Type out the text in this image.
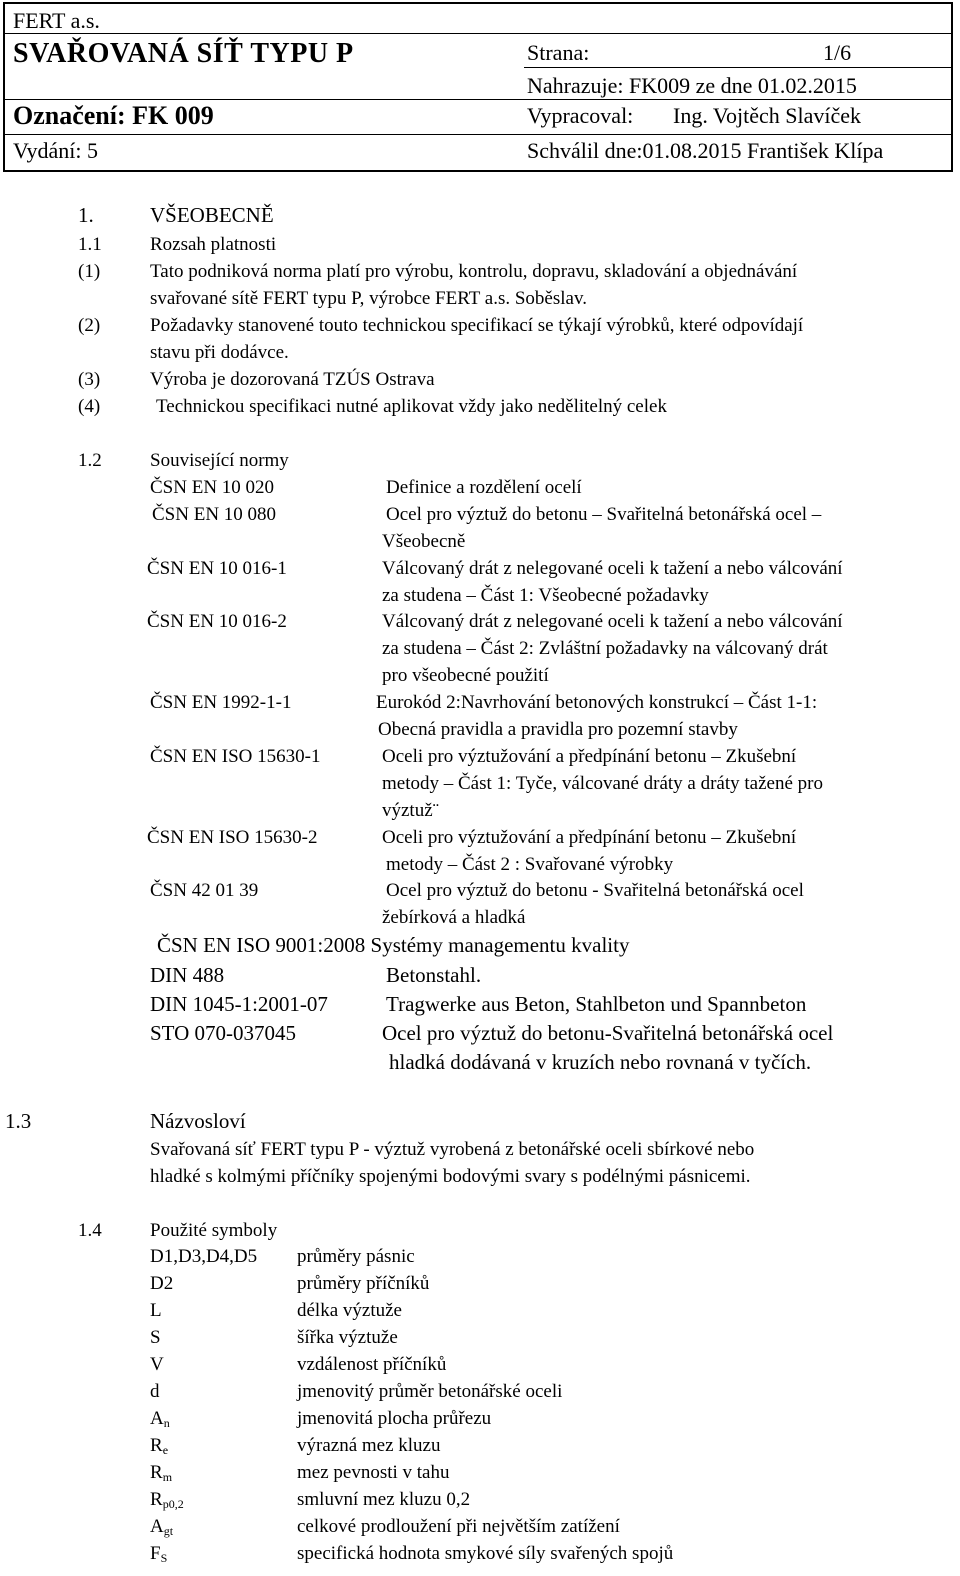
FERT a.s.
SVAŘOVANÁ SÍŤ TYPU P
Označení: FK 009
Vydání: 5
Strana:	1/6
Nahrazuje: FK009 ze dne 01.02.2015
Vypracoval: Ing. Vojtěch Slavíček
Schválil dne:01.08.2015 František Klípa
1.	VŠEOBECNĚ
1.1	Rozsah platnosti
(1)	Tato podniková norma platí pro výrobu, kontrolu, dopravu, skladování a objednávání
svařované sítě FERT typu P, výrobce FERT a.s. Soběslav.
(2)	Požadavky stanovené touto technickou specifikací se týkají výrobků, které odpovídají
stavu při dodávce.
(3)	Výroba je dozorovaná TZÚS Ostrava
(4)	Technickou specifikaci nutné aplikovat vždy jako nedělitelný celek
1.2	Související normy
ČSN EN 10 020	Definice a rozdělení ocelí
ČSN EN 10 080	Ocel pro výztuž do betonu – Svařitelná betonářská ocel –
Všeobecně
ČSN EN 10 016-1	Válcovaný drát z nelegované oceli k tažení a nebo válcování
za studena – Část 1: Všeobecné požadavky
ČSN EN 10 016-2	Válcovaný drát z nelegované oceli k tažení a nebo válcování
za studena – Část 2: Zvláštní požadavky na válcovaný drát
pro všeobecné použití
ČSN EN 1992-1-1	Eurokód 2:Navrhování betonových konstrukcí – Část 1-1:
Obecná pravidla a pravidla pro pozemní stavby
ČSN EN ISO 15630-1	Oceli pro výztužování a předpínání betonu – Zkušební
metody – Část 1: Tyče, válcované dráty a dráty tažené pro
výztuž¨
ČSN EN ISO 15630-2	Oceli pro výztužování a předpínání betonu – Zkušební
metody – Část 2 : Svařované výrobky
ČSN 42 01 39	Ocel pro výztuž do betonu - Svařitelná betonářská ocel
žebírková a hladká
ČSN EN ISO 9001:2008 Systémy managementu kvality
DIN 488	Betonstahl.
DIN 1045-1:2001-07	Tragwerke aus Beton, Stahlbeton und Spannbeton
STO 070-037045	Ocel pro výztuž do betonu-Svařitelná betonářská ocel
hladká dodávaná v kruzích nebo rovnaná v tyčích.
1.3	Názvosloví
Svařovaná síť FERT typu P - výztuž vyrobená z betonářské oceli sbírkové nebo
hladké s kolmými příčníky spojenými bodovými svary s podélnými pásnicemi.
1.4	Použité symboly
D1,D3,D4,D5 průměry pásnic
D2	průměry příčníků
L	délka výztuže
S	šířka výztuže
V	vzdálenost příčníků
d	jmenovitý průměr betonářské oceli
$A_n$	jmenovitá plocha průřezu
$R_e$	výrazná mez kluzu
$R_m$	mez pevnosti v tahu
$R_{p0,2}$	smluvní mez kluzu 0,2
$A_{gt}$	celkové prodloužení při největším zatížení
$F_S$	specifická hodnota smykové síly svařených spojů
